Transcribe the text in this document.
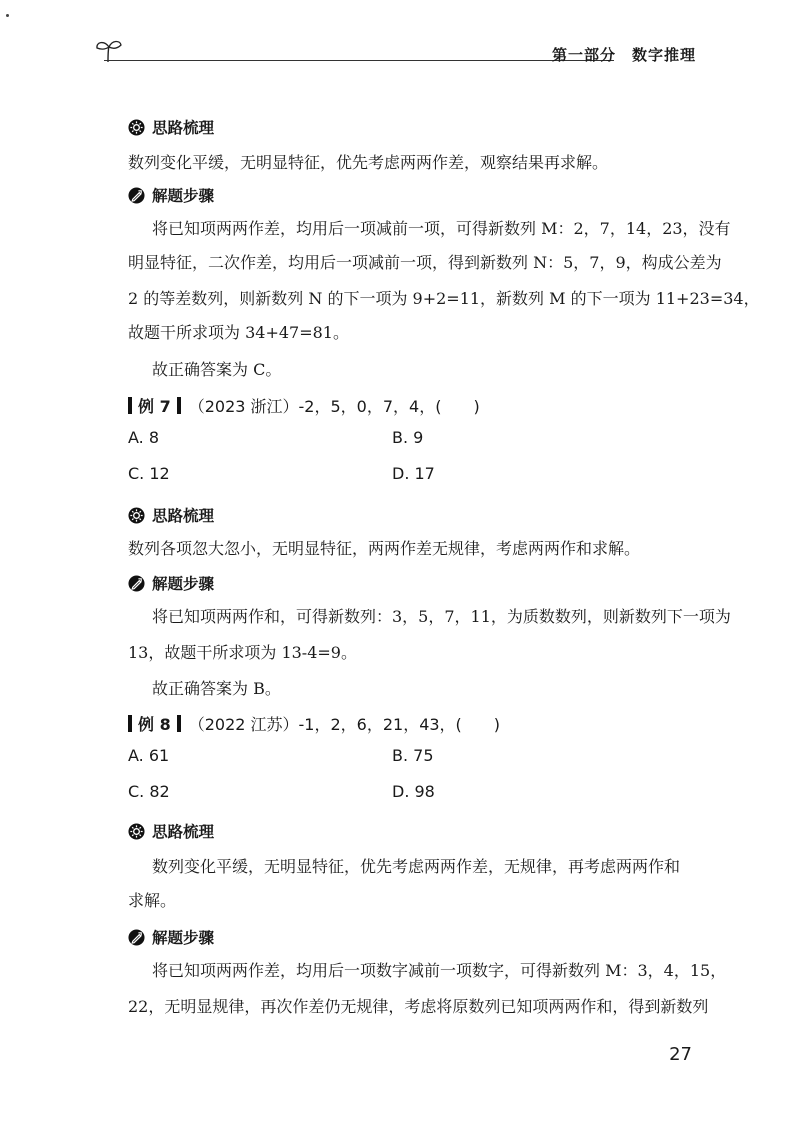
第一部分　数字推理
思路梳理
数列变化平缓，无明显特征，优先考虑两两作差，观察结果再求解。
解题步骤
将已知项两两作差，均用后一项减前一项，可得新数列 M：2，7，14，23，没有
明显特征，二次作差，均用后一项减前一项，得到新数列 N：5，7，9，构成公差为
2 的等差数列，则新数列 N 的下一项为 9+2=11，新数列 M 的下一项为 11+23=34，
故题干所求项为 34+47=81。
故正确答案为 C。
例 7 （2023 浙江）-2，5，0，7，4，(　　)
A. 8	B. 9
C. 12	D. 17
思路梳理
数列各项忽大忽小，无明显特征，两两作差无规律，考虑两两作和求解。
解题步骤
将已知项两两作和，可得新数列：3，5，7，11，为质数数列，则新数列下一项为
13，故题干所求项为 13-4=9。
故正确答案为 B。
例 8 （2022 江苏）-1，2，6，21，43，(　　)
A. 61	B. 75
C. 82	D. 98
思路梳理
数列变化平缓，无明显特征，优先考虑两两作差，无规律，再考虑两两作和
求解。
解题步骤
将已知项两两作差，均用后一项数字减前一项数字，可得新数列 M：3，4，15，
22，无明显规律，再次作差仍无规律，考虑将原数列已知项两两作和，得到新数列
27
